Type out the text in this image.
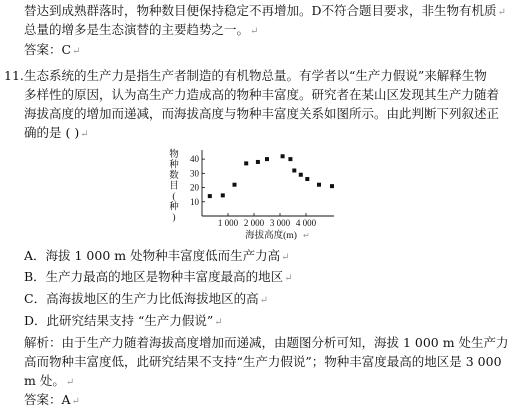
替达到成熟群落时，物种数目便保持稳定不再增加。D不符合题目要求，非生物有机质↵
总量的增多是生态演替的主要趋势之一。↵
答案：C↵
11. 生态系统的生产力是指生产者制造的有机物总量。有学者以“生产力假说”来解释生物
多样性的原因，认为高生产力造成高的物种丰富度。研究者在某山区发现其生产力随着
海拔高度的增加而递减，而海拔高度与物种丰富度关系如图所示。由此判断下列叙述正
确的是 ( )↵
10
20
30
40
1 000 2 000 3 000 4 000
海拔高度(m) ↵
物种数目(种)
A．海拔 1 000 m 处物种丰富度低而生产力高↵
B．生产力最高的地区是物种丰富度最高的地区↵
C．高海拔地区的生产力比低海拔地区的高↵
D．此研究结果支持 “生产力假说”↵
解析：由于生产力随着海拔高度增加而递减，由题图分析可知，海拔 1 000 m 处生产力
高而物种丰富度低，此研究结果不支持“生产力假说”；物种丰富度最高的地区是 3 000
m 处。↵
答案：A↵
